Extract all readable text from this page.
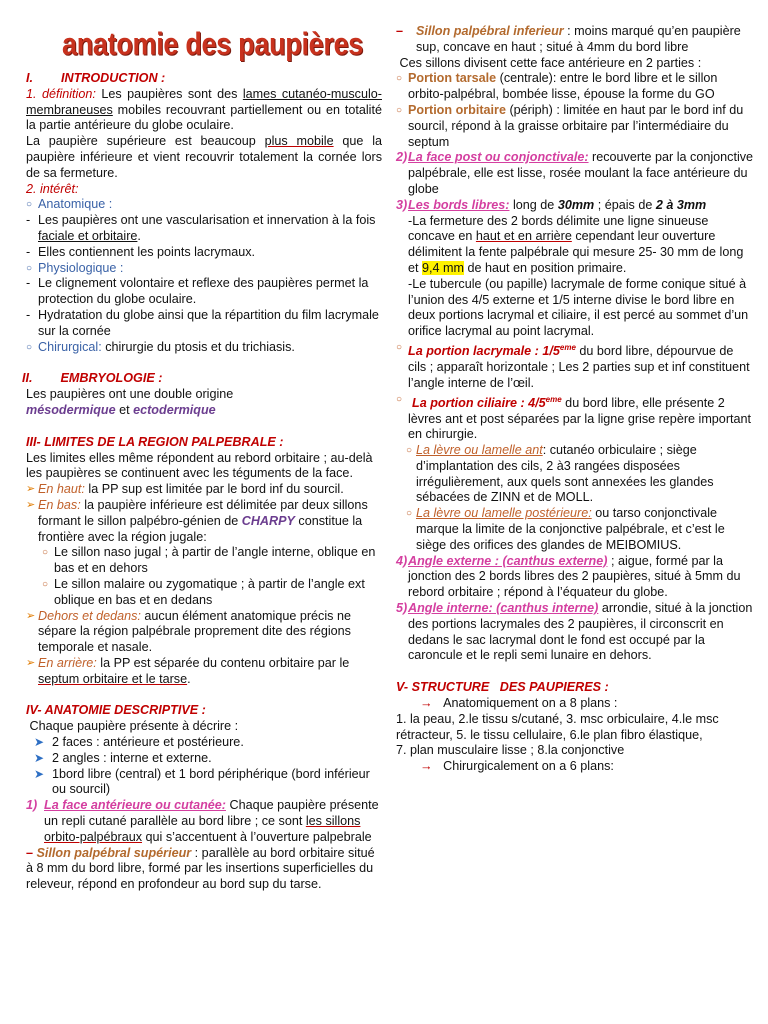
anatomie des paupières

I.        INTRODUCTION :

1. définition: Les paupières sont des lames cutanéo-musculo-membraneuses mobiles recouvrant partiellement ou en totalité la partie antérieure du globe oculaire.

La paupière supérieure est beaucoup plus mobile que la paupière inférieure et vient recouvrir totalement la cornée lors de sa fermeture.

2. intérêt:

○ Anatomique :
- Les paupières ont une vascularisation et innervation à la fois faciale et orbitaire.
- Elles contiennent les points lacrymaux.
○ Physiologique :
- Le clignement volontaire et reflexe des paupières permet la protection du globe oculaire.
- Hydratation du globe ainsi que la répartition du film lacrymale sur la cornée
○ Chirurgical: chirurgie du ptosis et du trichiasis.

II.        EMBRYOLOGIE :

Les paupières ont une double origine

mésodermique et ectodermique

III- LIMITES DE LA REGION PALPEBRALE :

Les limites elles même répondent au rebord orbitaire ; au-delà les paupières se continuent avec les téguments de la face.

➢ En haut: la PP sup est limitée par le bord inf du sourcil.
➢ En bas: la paupière inférieure est délimitée par deux sillons formant le sillon palpébro-génien de CHARPY constitue la frontière avec la région jugale:
○ Le sillon naso jugal ; à partir de l’angle interne, oblique en bas et en dehors
○ Le sillon malaire ou zygomatique ; à partir de l’angle ext oblique en bas et en dedans
➢ Dehors et dedans: aucun élément anatomique précis ne sépare la région palpébrale proprement dite des régions temporale et nasale.
➢ En arrière: la PP est séparée du contenu orbitaire par le septum orbitaire et le tarse.

IV- ANATOMIE DESCRIPTIVE :

Chaque paupière présente à décrire :

➤ 2 faces : antérieure et postérieure.
➤ 2 angles : interne et externe.
➤ 1bord libre (central) et 1 bord périphérique (bord inférieur ou sourcil)
1) La face antérieure ou cutanée: Chaque paupière présente un repli cutané parallèle au bord libre ; ce sont les sillons orbito-palpébraux qui s’accentuent à l’ouverture palpebrale
– Sillon palpébral supérieur : parallèle au bord orbitaire situé à 8 mm du bord libre, formé par les insertions superficielles du releveur, répond en profondeur au bord sup du tarse.
– Sillon palpébral inferieur : moins marqué qu’en paupière sup, concave en haut ; situé à 4mm du bord libre

Ces sillons divisent cette face antérieure en 2 parties :

○ Portion tarsale (centrale): entre le bord libre et le sillon orbito-palpébral, bombée lisse, épouse la forme du GO
○ Portion orbitaire (périph) : limitée en haut par le bord inf du sourcil, répond à la graisse orbitaire par l’intermédiaire du septum
2) La face post ou conjonctivale: recouverte par la conjonctive palpébrale, elle est lisse, rosée moulant la face antérieure du globe
3) Les bords libres: long de 30mm ; épais de 2 à 3mm
-La fermeture des 2 bords délimite une ligne sinueuse concave en haut et en arrière cependant leur ouverture délimitent la fente palpébrale qui mesure 25- 30 mm de long et 9,4 mm de haut en position primaire.
-Le tubercule (ou papille) lacrymale de forme conique situé à l’union des 4/5 externe et 1/5 interne divise le bord libre en deux portions lacrymal et ciliaire, il est percé au sommet d’un orifice lacrymal au point lacrymal.
○ La portion lacrymale : 1/5eme du bord libre, dépourvue de cils ; apparaît horizontale ; Les 2 parties sup et inf constituent l’angle interne de l’œil.
○ La portion ciliaire : 4/5eme du bord libre, elle présente 2 lèvres ant et post séparées par la ligne grise repère important en chirurgie.
○ La lèvre ou lamelle ant: cutanéo orbiculaire ; siège d’implantation des cils, 2 à3 rangées disposées irrégulièrement, aux quels sont annexées les glandes sébacées de ZINN et de MOLL.
○ La lèvre ou lamelle postérieure: ou tarso conjonctivale marque la limite de la conjonctive palpébrale, et c’est le siège des orifices des glandes de MEIBOMIUS.
4) Angle externe : (canthus externe) ; aigue, formé par la jonction des 2 bords libres des 2 paupières, situé à 5mm du rebord orbitaire ; répond à l’équateur du globe.
5) Angle interne: (canthus interne) arrondie, situé à la jonction des portions lacrymales des 2 paupières, il circonscrit en dedans le sac lacrymal dont le fond est occupé par la caroncule et le repli semi lunaire en dehors.

V- STRUCTURE   DES PAUPIERES :

→ Anatomiquement on a 8 plans :

1. la peau, 2.le tissu s/cutané, 3. msc orbiculaire, 4.le msc rétracteur, 5. le tissu cellulaire, 6.le plan fibro élastique,

7. plan musculaire lisse ; 8.la conjonctive

→ Chirurgicalement on a 6 plans:
